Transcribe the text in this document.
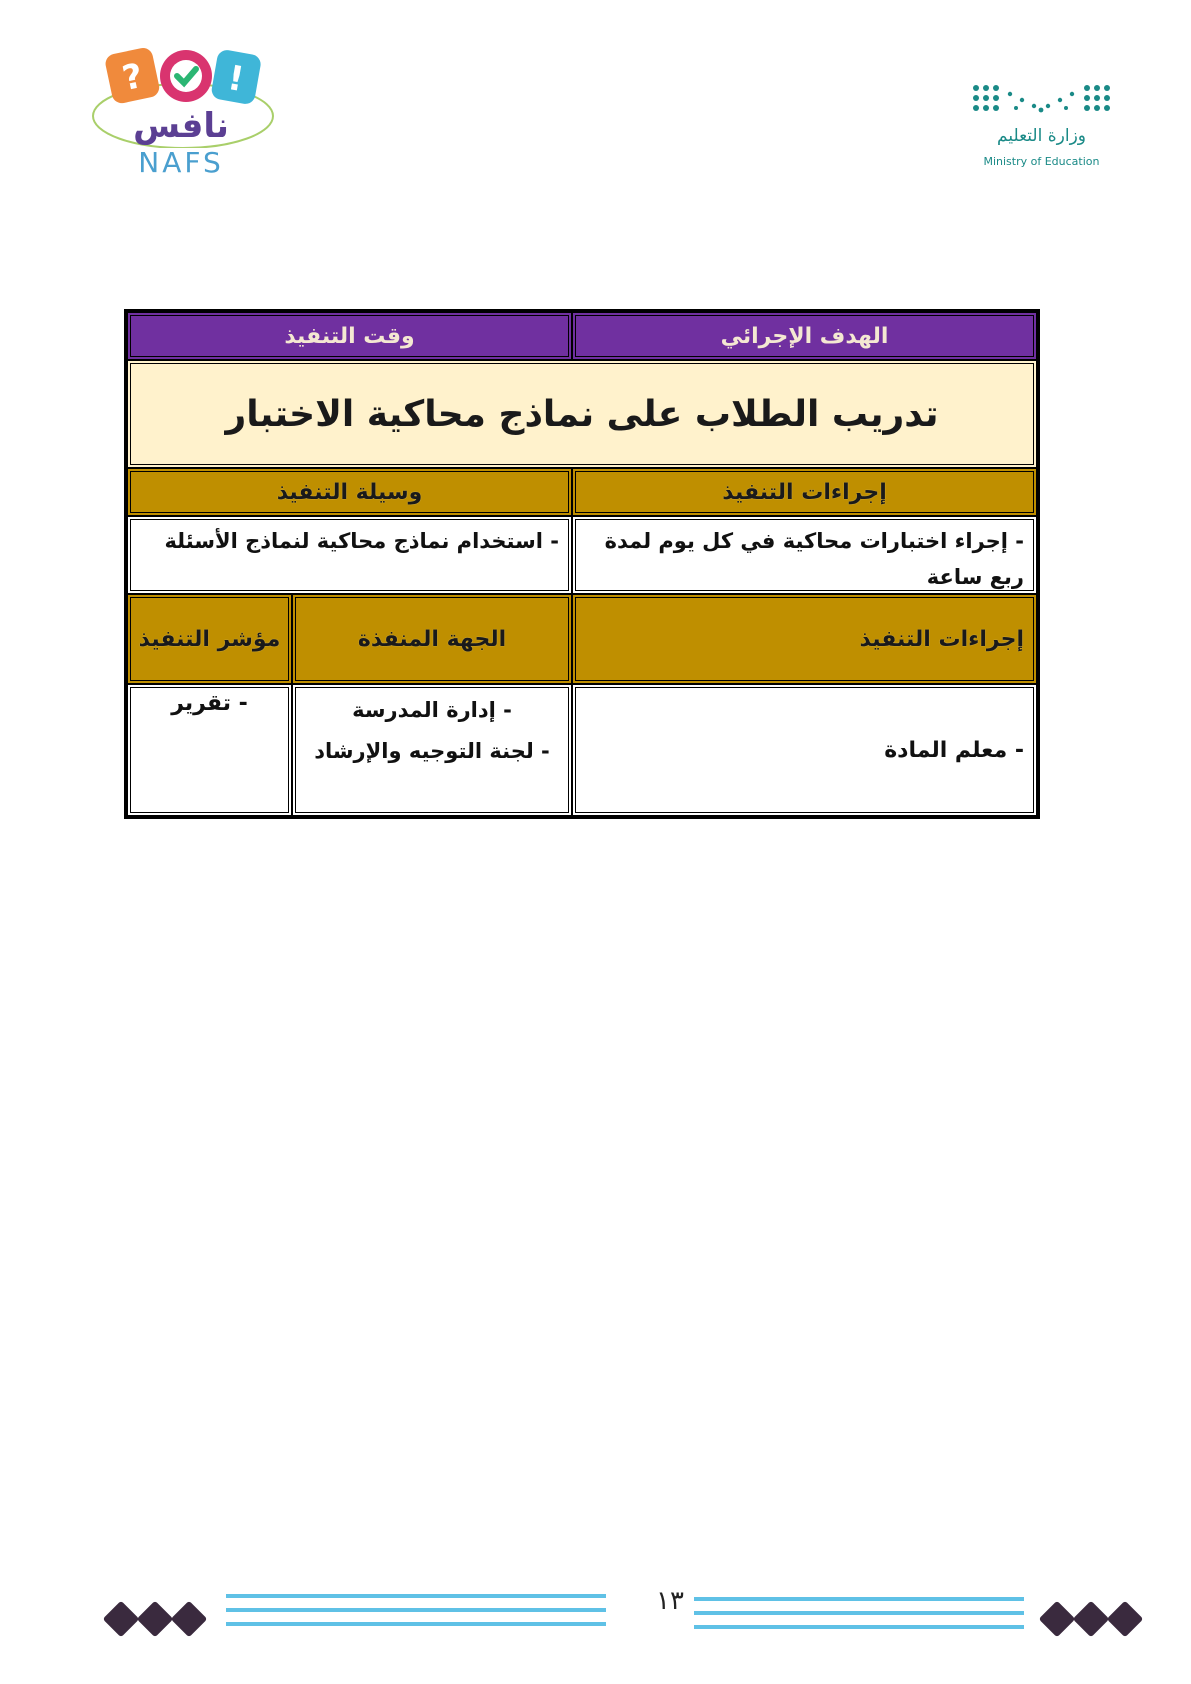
? !
نافس
NAFS
وزارة التعليم
Ministry of Education
الهدف الإجرائي
وقت التنفيذ
تدريب الطلاب على نماذج محاكية الاختبار
إجراءات التنفيذ
وسيلة التنفيذ
- إجراء اختبارات محاكية في كل يوم لمدة ربع ساعة
- استخدام نماذج محاكية لنماذج الأسئلة
إجراءات التنفيذ
الجهة المنفذة
مؤشر التنفيذ
- معلم المادة
- إدارة المدرسة
- لجنة التوجيه والإرشاد
- تقرير
١٣
